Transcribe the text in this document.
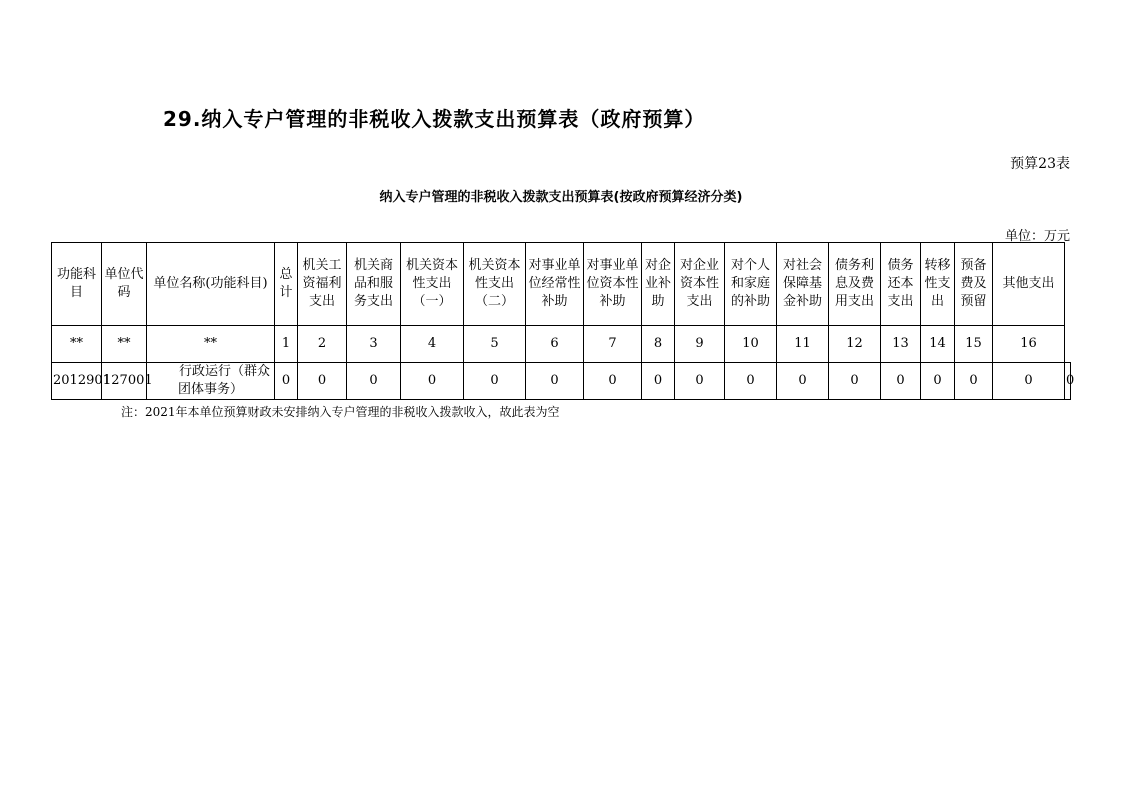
29.纳入专户管理的非税收入拨款支出预算表（政府预算）
预算23表
纳入专户管理的非税收入拨款支出预算表(按政府预算经济分类)
单位：万元
功能科目	单位代码	单位名称(功能科目)	总计	机关工资福利支出	机关商品和服务支出	机关资本性支出（一）	机关资本性支出（二）	对事业单位经常性补助	对事业单位资本性补助	对企业补助	对企业资本性支出	对个人和家庭的补助	对社会保障基金补助	债务利息及费用支出	债务还本支出	转移性支出	预备费及预留	其他支出	
**	**	**	1	2	3	4	5	6	7	8	9	10	11	12	13	14	15	16	
2012901	127001	行政运行（群众
团体事务）	0	0	0	0	0	0	0	0	0	0	0	0	0	0	0	0	0
注：2021年本单位预算财政未安排纳入专户管理的非税收入拨款收入，故此表为空
